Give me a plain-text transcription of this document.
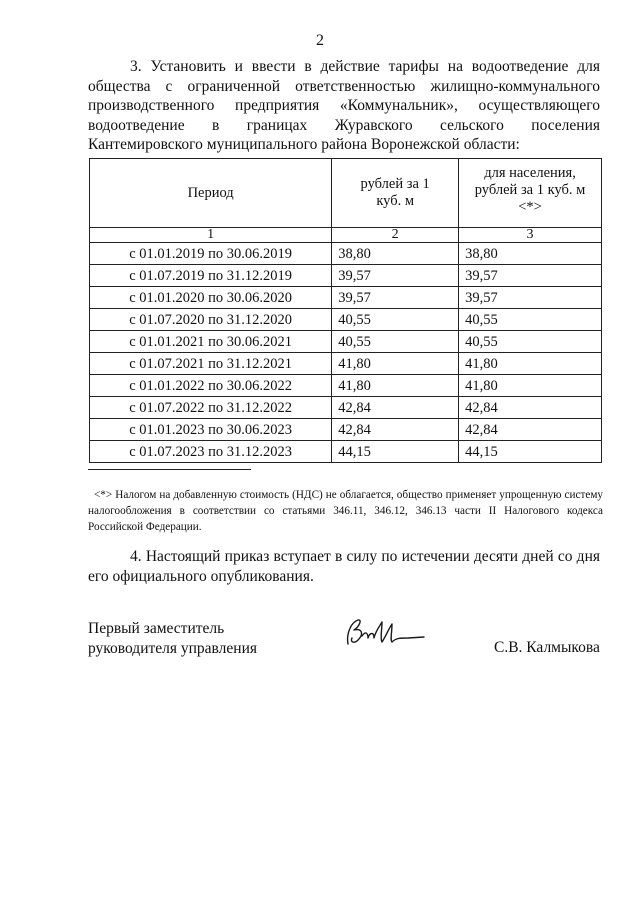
2

3. Установить и ввести в действие тарифы на водоотведение для общества с ограниченной ответственностью жилищно-коммунального производственного предприятия «Коммунальник», осуществляющего водоотведение в границах Журавского сельского поселения Кантемировского муниципального района Воронежской области:

Период	рублей за 1 куб. м	для населения, рублей за 1 куб. м <*>
1	2	3
с 01.01.2019 по 30.06.2019	38,80	38,80
с 01.07.2019 по 31.12.2019	39,57	39,57
с 01.01.2020 по 30.06.2020	39,57	39,57
с 01.07.2020 по 31.12.2020	40,55	40,55
с 01.01.2021 по 30.06.2021	40,55	40,55
с 01.07.2021 по 31.12.2021	41,80	41,80
с 01.01.2022 по 30.06.2022	41,80	41,80
с 01.07.2022 по 31.12.2022	42,84	42,84
с 01.01.2023 по 30.06.2023	42,84	42,84
с 01.07.2023 по 31.12.2023	44,15	44,15

<*> Налогом на добавленную стоимость (НДС) не облагается, общество применяет упрощенную систему налогообложения в соответствии со статьями 346.11, 346.12, 346.13 части II Налогового кодекса Российской Федерации.

4. Настоящий приказ вступает в силу по истечении десяти дней со дня его официального опубликования.

Первый заместитель
руководителя управления	С.В. Калмыкова
